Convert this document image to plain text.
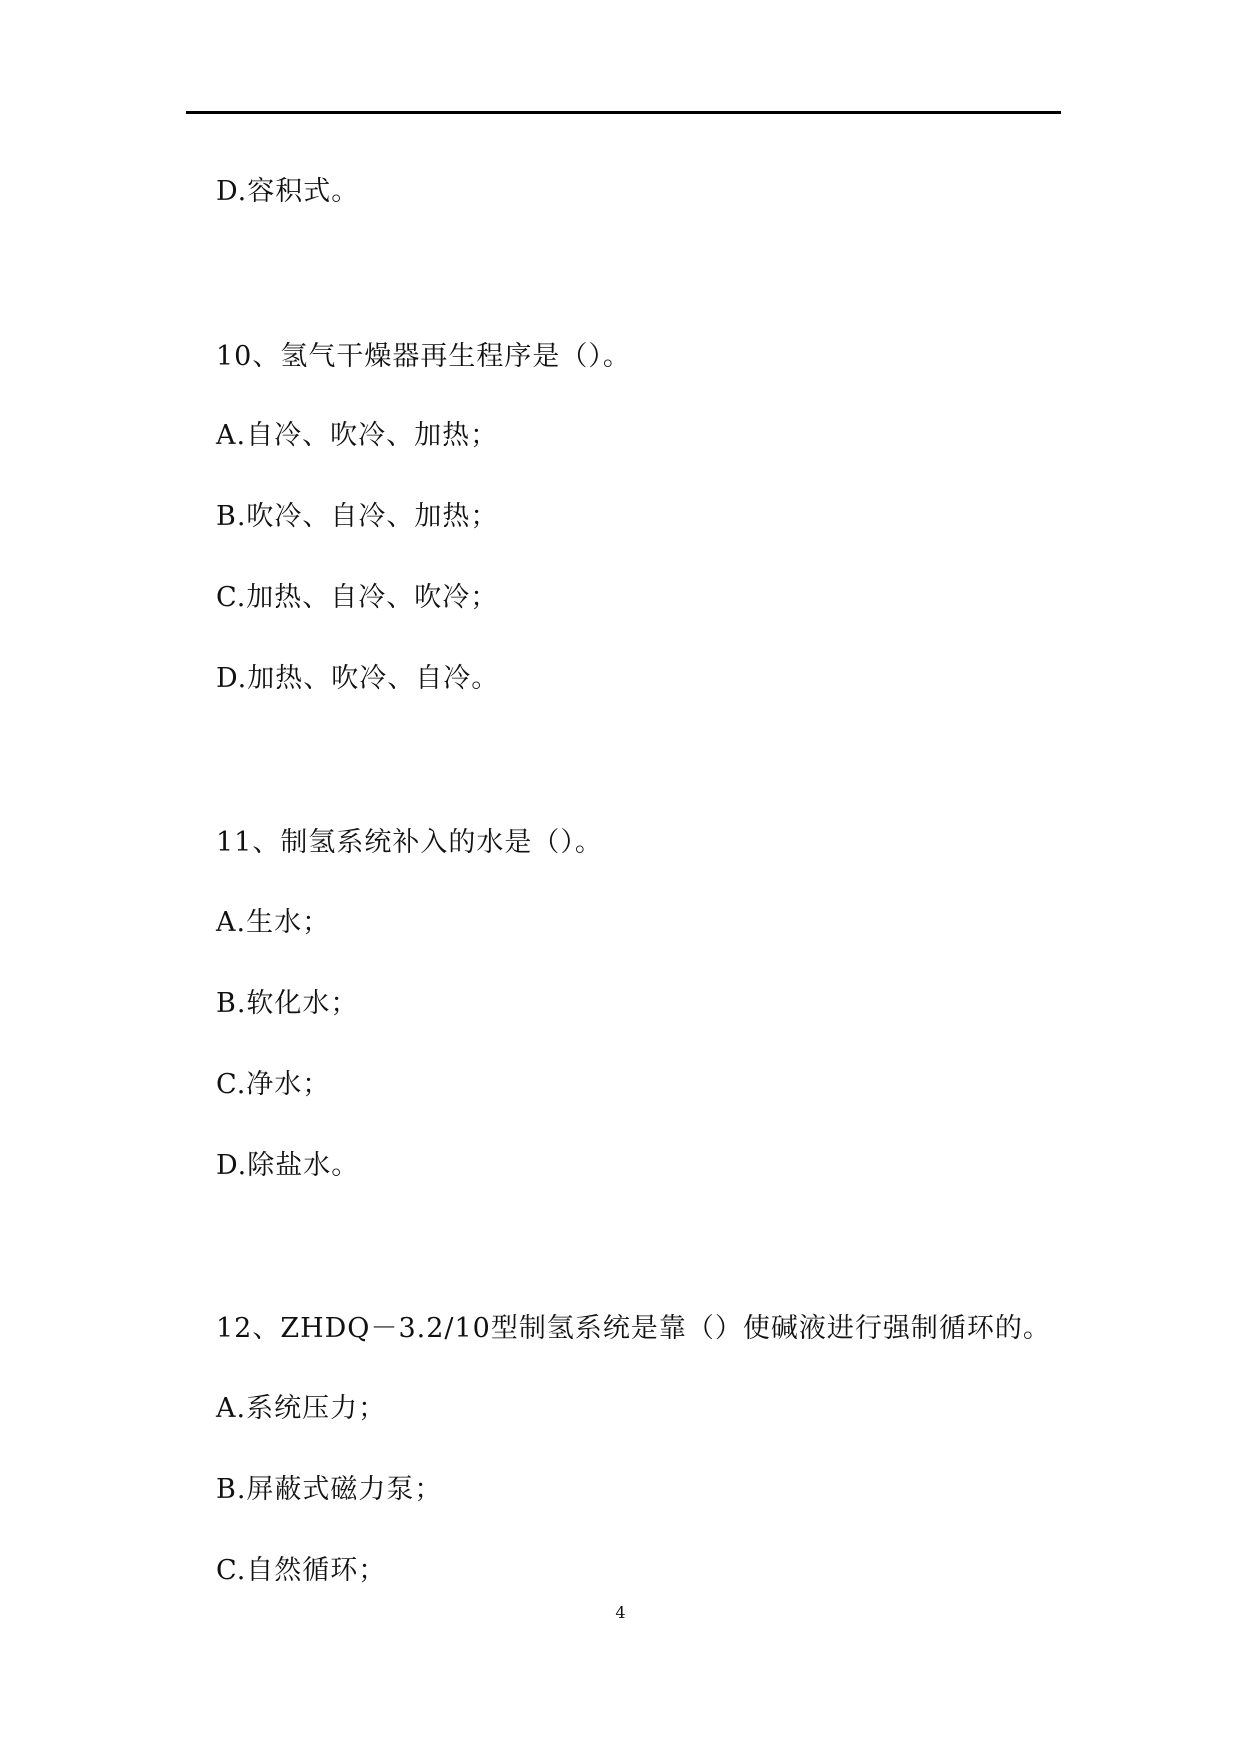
D.容积式。
10、氢气干燥器再生程序是（）。
A.自冷、吹冷、加热；
B.吹冷、自冷、加热；
C.加热、自冷、吹冷；
D.加热、吹冷、自冷。
11、制氢系统补入的水是（）。
A.生水；
B.软化水；
C.净水；
D.除盐水。
12、ZHDQ－3.2/10型制氢系统是靠（）使碱液进行强制循环的。
A.系统压力；
B.屏蔽式磁力泵；
C.自然循环；
4
